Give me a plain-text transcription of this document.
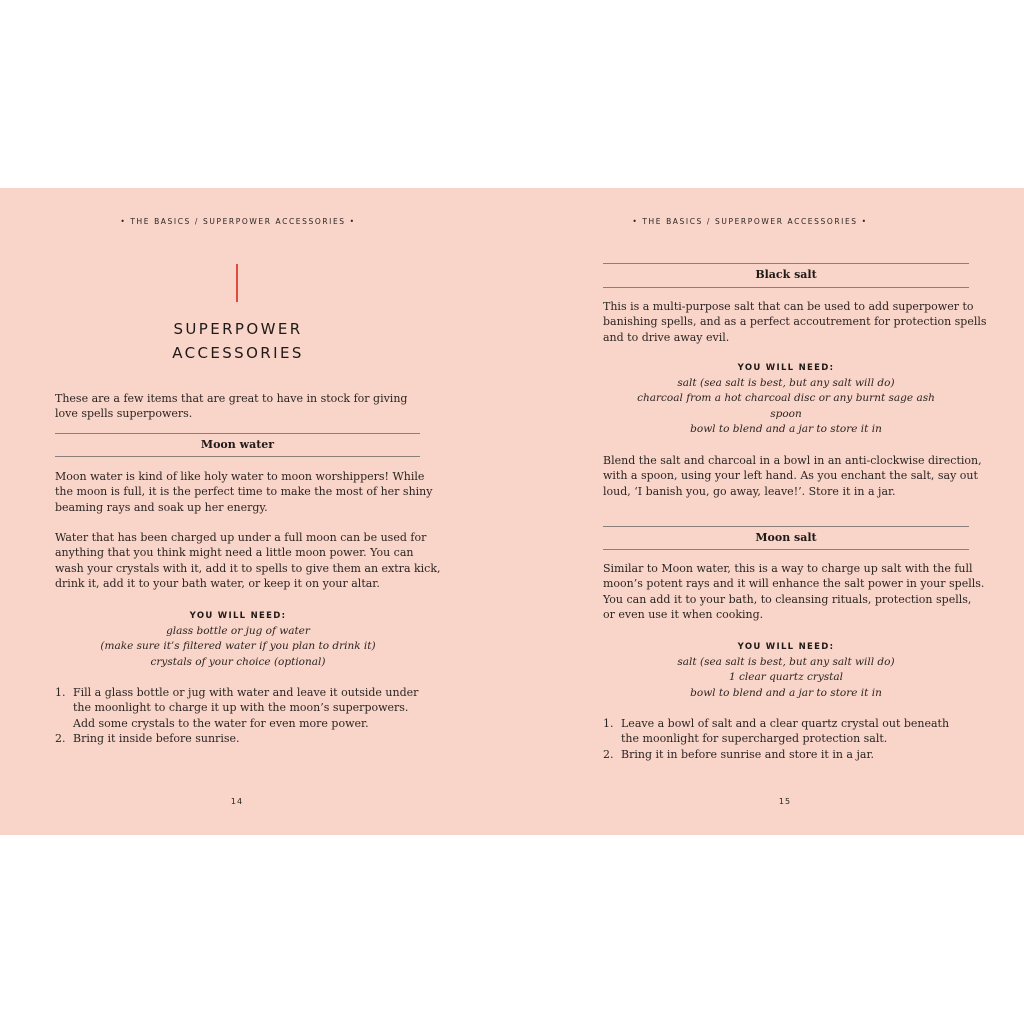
• THE BASICS / SUPERPOWER ACCESSORIES •
SUPERPOWER
ACCESSORIES
These are a few items that are great to have in stock for giving
love spells superpowers.
Moon water
Moon water is kind of like holy water to moon worshippers! While
the moon is full, it is the perfect time to make the most of her shiny
beaming rays and soak up her energy.
Water that has been charged up under a full moon can be used for
anything that you think might need a little moon power. You can
wash your crystals with it, add it to spells to give them an extra kick,
drink it, add it to your bath water, or keep it on your altar.
YOU WILL NEED:
glass bottle or jug of water
(make sure it’s filtered water if you plan to drink it)
crystals of your choice (optional)
1. Fill a glass bottle or jug with water and leave it outside under
the moonlight to charge it up with the moon’s superpowers.
Add some crystals to the water for even more power.
2. Bring it inside before sunrise.
14
• THE BASICS / SUPERPOWER ACCESSORIES •
Black salt
This is a multi-purpose salt that can be used to add superpower to
banishing spells, and as a perfect accoutrement for protection spells
and to drive away evil.
YOU WILL NEED:
salt (sea salt is best, but any salt will do)
charcoal from a hot charcoal disc or any burnt sage ash
spoon
bowl to blend and a jar to store it in
Blend the salt and charcoal in a bowl in an anti-clockwise direction,
with a spoon, using your left hand. As you enchant the salt, say out
loud, ‘I banish you, go away, leave!’. Store it in a jar.
Moon salt
Similar to Moon water, this is a way to charge up salt with the full
moon’s potent rays and it will enhance the salt power in your spells.
You can add it to your bath, to cleansing rituals, protection spells,
or even use it when cooking.
YOU WILL NEED:
salt (sea salt is best, but any salt will do)
1 clear quartz crystal
bowl to blend and a jar to store it in
1. Leave a bowl of salt and a clear quartz crystal out beneath
the moonlight for supercharged protection salt.
2. Bring it in before sunrise and store it in a jar.
15
